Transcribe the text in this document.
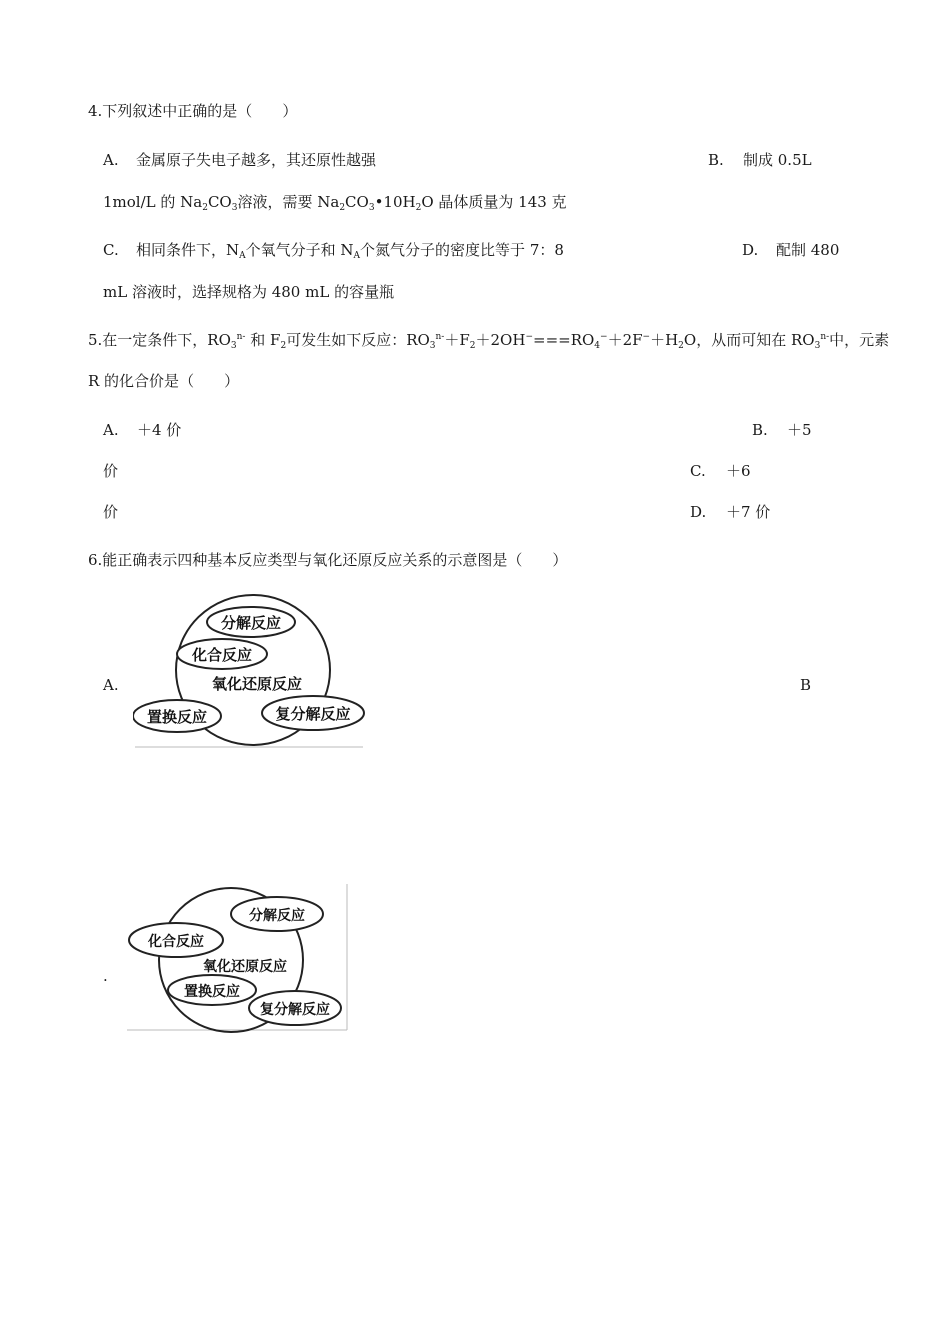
4.下列叙述中正确的是（　　）
A. 金属原子失电子越多，其还原性越强	B. 制成 0.5L
1mol/L 的 $Na_2CO_3$溶液，需要 $Na_2CO_3•10H_2O$ 晶体质量为 143 克
C. 相同条件下，$N_A$个氧气分子和 $N_A$个氮气分子的密度比等于 7：8	D. 配制 480
mL 溶液时，选择规格为 480 mL 的容量瓶
5.在一定条件下，$RO_3^{n-}$ 和 $F_2$可发生如下反应：$RO_3^{n-}+F_2+2OH^-===RO_4^-+2F^-+H_2O$，从而可知在 $RO_3^{n-}$中，元素
R 的化合价是（　　）
A. ＋4 价	B. ＋5
价	C. ＋6
价	D. ＋7 价
6.能正确表示四种基本反应类型与氧化还原反应关系的示意图是（　　）
A.	B
分解反应
化合反应
氧化还原反应
置换反应	复分解反应
.
分解反应
化合反应
氧化还原反应
置换反应
复分解反应
